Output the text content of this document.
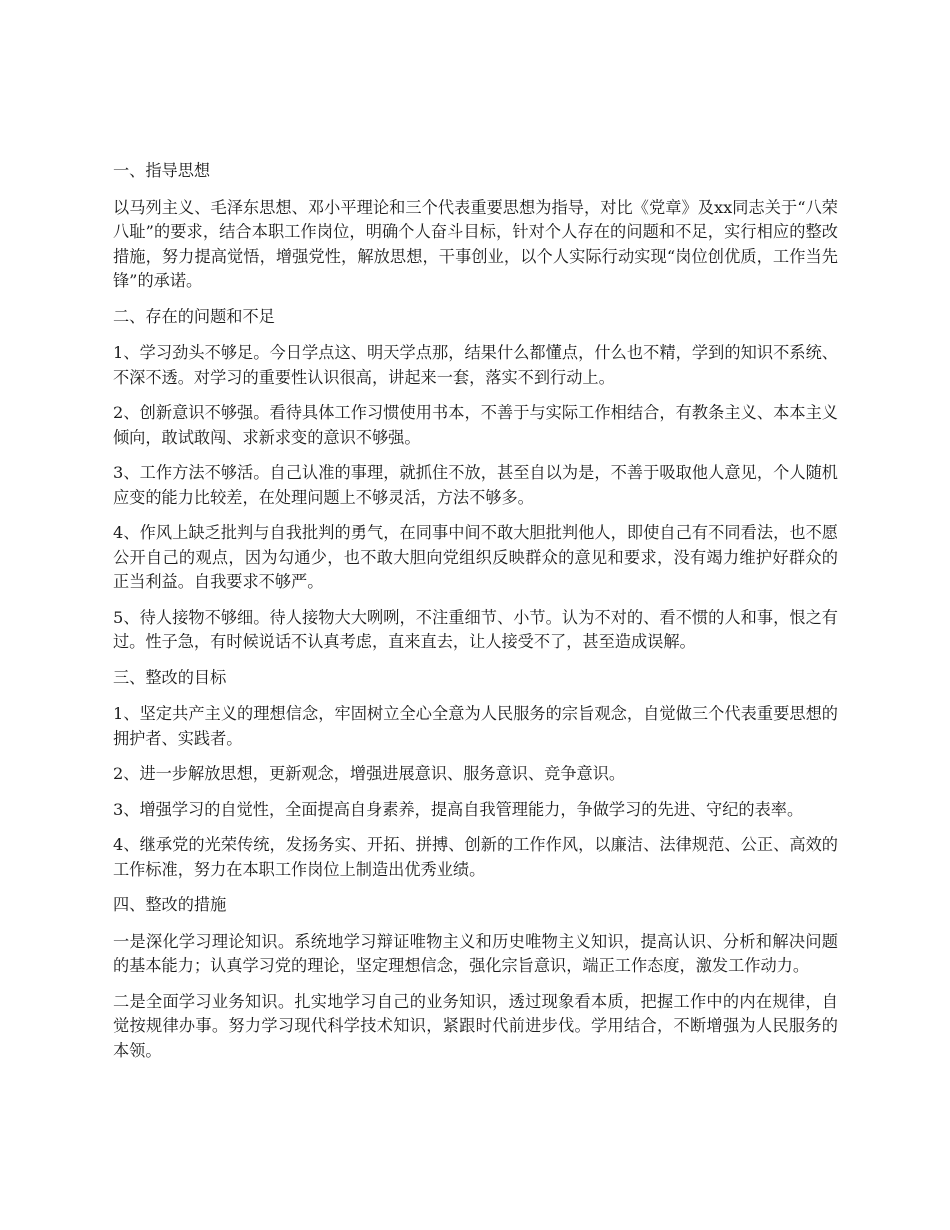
一、指导思想

以马列主义、毛泽东思想、邓小平理论和三个代表重要思想为指导，对比《党章》及xx同志关于“八荣八耻”的要求，结合本职工作岗位，明确个人奋斗目标，针对个人存在的问题和不足，实行相应的整改措施，努力提高觉悟，增强党性，解放思想，干事创业，以个人实际行动实现“岗位创优质，工作当先锋”的承诺。

二、存在的问题和不足

1、学习劲头不够足。今日学点这、明天学点那，结果什么都懂点，什么也不精，学到的知识不系统、不深不透。对学习的重要性认识很高，讲起来一套，落实不到行动上。

2、创新意识不够强。看待具体工作习惯使用书本，不善于与实际工作相结合，有教条主义、本本主义倾向，敢试敢闯、求新求变的意识不够强。

3、工作方法不够活。自己认准的事理，就抓住不放，甚至自以为是，不善于吸取他人意见，个人随机应变的能力比较差，在处理问题上不够灵活，方法不够多。

4、作风上缺乏批判与自我批判的勇气，在同事中间不敢大胆批判他人，即使自己有不同看法，也不愿公开自己的观点，因为勾通少，也不敢大胆向党组织反映群众的意见和要求，没有竭力维护好群众的正当利益。自我要求不够严。

5、待人接物不够细。待人接物大大咧咧，不注重细节、小节。认为不对的、看不惯的人和事，恨之有过。性子急，有时候说话不认真考虑，直来直去，让人接受不了，甚至造成误解。

三、整改的目标

1、坚定共产主义的理想信念，牢固树立全心全意为人民服务的宗旨观念，自觉做三个代表重要思想的拥护者、实践者。

2、进一步解放思想，更新观念，增强进展意识、服务意识、竞争意识。

3、增强学习的自觉性，全面提高自身素养，提高自我管理能力，争做学习的先进、守纪的表率。

4、继承党的光荣传统，发扬务实、开拓、拼搏、创新的工作作风，以廉洁、法律规范、公正、高效的工作标准，努力在本职工作岗位上制造出优秀业绩。

四、整改的措施

一是深化学习理论知识。系统地学习辩证唯物主义和历史唯物主义知识，提高认识、分析和解决问题的基本能力；认真学习党的理论，坚定理想信念，强化宗旨意识，端正工作态度，激发工作动力。

二是全面学习业务知识。扎实地学习自己的业务知识，透过现象看本质，把握工作中的内在规律，自觉按规律办事。努力学习现代科学技术知识，紧跟时代前进步伐。学用结合，不断增强为人民服务的本领。
